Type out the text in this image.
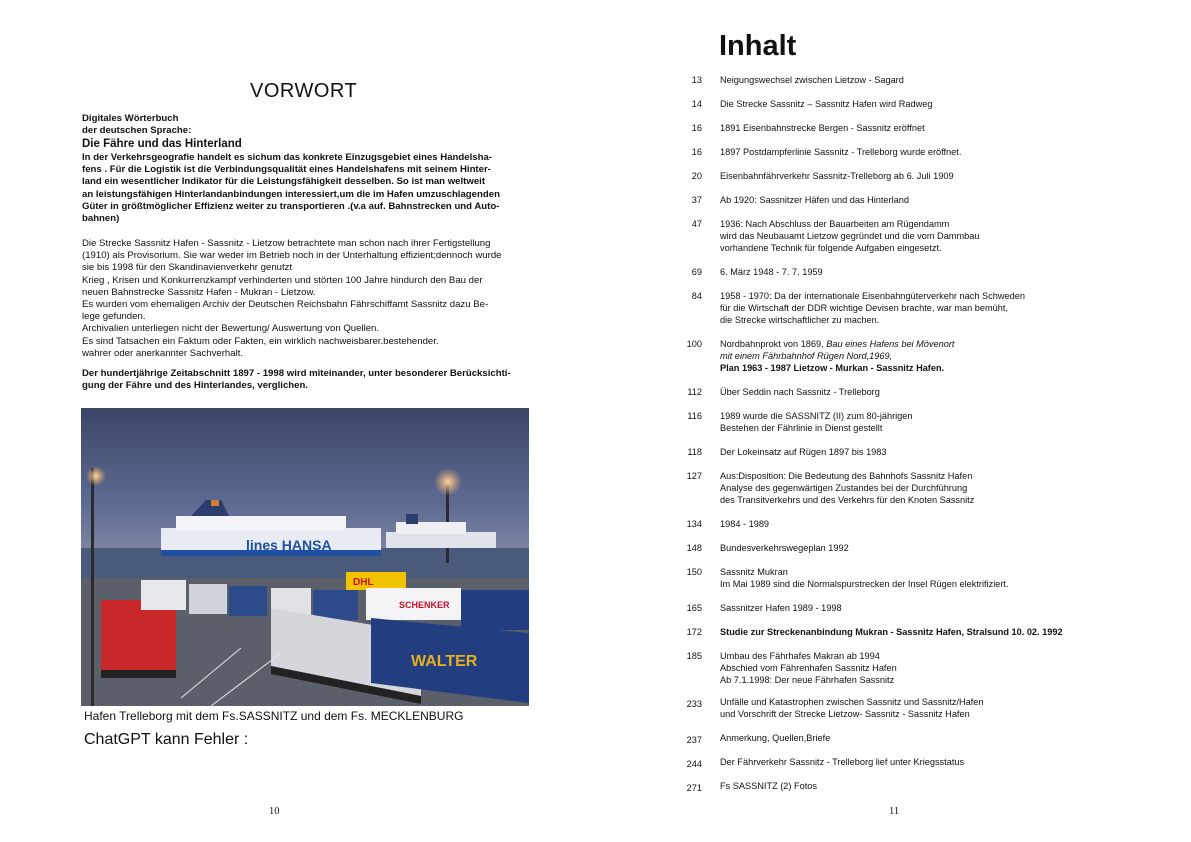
VORWORT
Digitales Wörterbuch
der deutschen Sprache:
Die Fähre und das Hinterland
In der Verkehrsgeografie handelt es sichum das konkrete Einzugsgebiet eines Handelsha-
fens . Für die Logistik ist die Verbindungsqualität eines Handelshafens mit seinem Hinter-
land ein wesentlicher Indikator für die Leistungsfähigkeit desselben. So ist man weltweit
an leistungsfähigen Hinterlandanbindungen interessiert,um die im Hafen umzuschlagenden
Güter in größtmöglicher Effizienz weiter zu transportieren .(v.a auf. Bahnstrecken und Auto-
bahnen)
Die Strecke Sassnitz Hafen - Sassnitz - Lietzow betrachtete man schon nach ihrer Fertigstellung
(1910) als Provisorium. Sie war weder im Betrieb noch in der Unterhaltung effizient;dennoch wurde
sie bis 1998 für den Skandinavienverkehr genutzt
Krieg , Krisen und Konkurrenzkampf verhinderten und störten 100 Jahre hindurch den Bau der
neuen Bahnstrecke Sassnitz Hafen - Mukran - Lietzow.
Es wurden vom ehemaligen Archiv der Deutschen Reichsbahn Fährschiffamt Sassnitz dazu Be-
lege gefunden.
Archivalien unterliegen nicht der Bewertung/ Auswertung von Quellen.
Es sind Tatsachen ein Faktum oder Fakten, ein wirklich nachweisbarer.bestehender.
wahrer oder anerkannter Sachverhalt.
Der hundertjährige Zeitabschnitt 1897 - 1998 wird miteinander, unter besonderer Berücksichti-
gung der Fähre und des Hinterlandes, verglichen.
lines HANSA
DHL
SCHENKER
WALTER
Hafen Trelleborg mit dem Fs.SASSNITZ und dem Fs. MECKLENBURG
ChatGPT kann Fehler :
10
Inhalt
13 Neigungswechsel zwischen Lietzow - Sagard
14 Die Strecke Sassnitz – Sassnitz Hafen wird Radweg
16 1891 Eisenbahnstrecke Bergen - Sassnitz eröffnet
16 1897 Postdampferlinie Sassnitz - Trelleborg wurde eröffnet.
20 Eisenbahnfährverkehr Sassnitz-Trelleborg ab 6. Juli 1909
37 Ab 1920: Sassnitzer Häfen und das Hinterland
47 1936: Nach Abschluss der Bauarbeiten am Rügendamm
wird das Neubauamt Lietzow gegründet und die vom Dammbau
vorhandene Technik für folgende Aufgaben eingesetzt.
69 6. März 1948 - 7. 7. 1959
84 1958 - 1970: Da der internationale Eisenbahngüterverkehr nach Schweden
für die Wirtschaft der DDR wichtige Devisen brachte, war man bemüht,
die Strecke wirtschaftlicher zu machen.
100 Nordbahnprokt von 1869, Bau eines Hafens bei Mövenort
mit einem Fährbahnhof Rügen Nord,1969,
Plan 1963 - 1987 Lietzow - Murkan - Sassnitz Hafen.
112 Über Seddin nach Sassnitz - Trelleborg
116 1989 wurde die SASSNITZ (II) zum 80-jährigen
Bestehen der Fährlinie in Dienst gestellt
118 Der Lokeinsatz auf Rügen 1897 bis 1983
127 Aus:Disposition: Die Bedeutung des Bahnhofs Sassnitz Hafen
Analyse des gegenwärtigen Zustandes bei der Durchführung
des Transitverkehrs und des Verkehrs für den Knoten Sassnitz
134 1984 - 1989
148 Bundesverkehrswegeplan 1992
150 Sassnitz Mukran
Im Mai 1989 sind die Normalspurstrecken der Insel Rügen elektrifiziert.
165 Sassnitzer Hafen 1989 - 1998
172 Studie zur Streckenanbindung Mukran - Sassnitz Hafen, Stralsund 10. 02. 1992
185 Umbau des Fährhafes Makran ab 1994
Abschied vom Fährenhafen Sassnitz Hafen
Ab 7.1.1998: Der neue Fährhafen Sassnitz
233 Unfälle und Katastrophen zwischen Sassnitz und Sassnitz/Hafen
und Vorschrift der Strecke Lietzow- Sassnitz - Sassnitz Hafen
237 Anmerkung, Quellen,Briefe
244 Der Fährverkehr Sassnitz - Trelleborg lief unter Kriegsstatus
271 Fs SASSNITZ (2) Fotos
11
